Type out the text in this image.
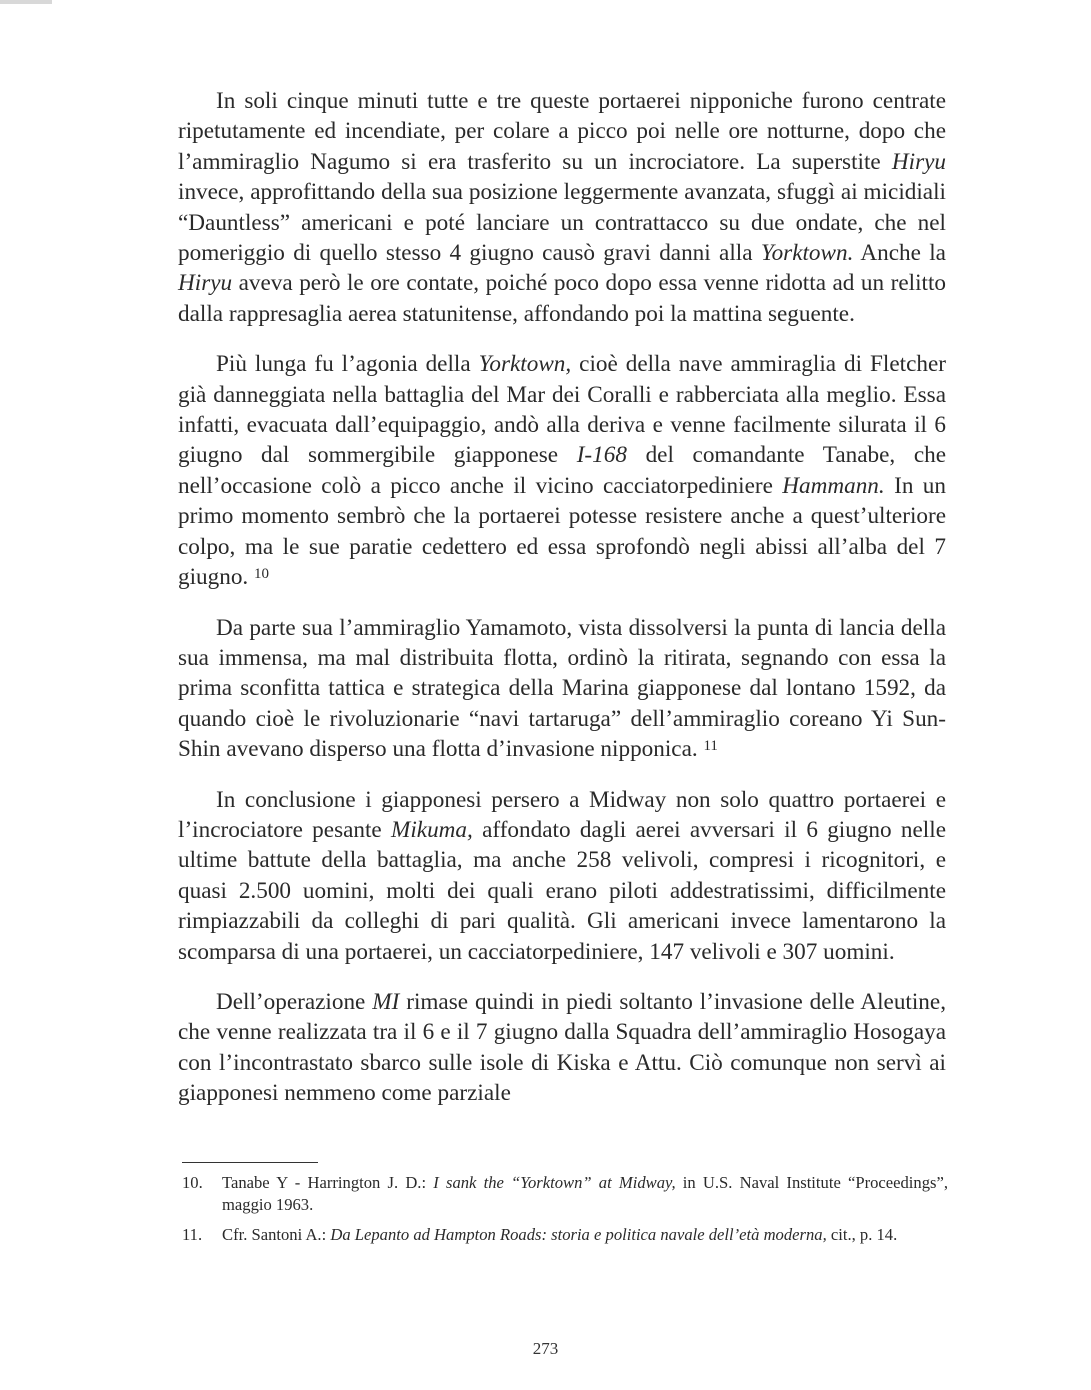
In soli cinque minuti tutte e tre queste portaerei nipponiche furono centrate ripetutamente ed incendiate, per colare a picco poi nelle ore notturne, dopo che l’ammiraglio Nagumo si era trasferito su un incrociatore. La superstite Hiryu invece, approfittando della sua posizione leggermente avanzata, sfuggì ai micidiali “Dauntless” americani e poté lanciare un contrattacco su due ondate, che nel pomeriggio di quello stesso 4 giugno causò gravi danni alla Yorktown. Anche la Hiryu aveva però le ore contate, poiché poco dopo essa venne ridotta ad un relitto dalla rappresaglia aerea statunitense, affondando poi la mattina seguente.

Più lunga fu l’agonia della Yorktown, cioè della nave ammiraglia di Fletcher già danneggiata nella battaglia del Mar dei Coralli e rabberciata alla meglio. Essa infatti, evacuata dall’equipaggio, andò alla deriva e venne facilmente silurata il 6 giugno dal sommergibile giapponese I-168 del comandante Tanabe, che nell’occasione colò a picco anche il vicino cacciatorpediniere Hammann. In un primo momento sembrò che la portaerei potesse resistere anche a quest’ulteriore colpo, ma le sue paratie cedettero ed essa sprofondò negli abissi all’alba del 7 giugno. $^{10}$

Da parte sua l’ammiraglio Yamamoto, vista dissolversi la punta di lancia della sua immensa, ma mal distribuita flotta, ordinò la ritirata, segnando con essa la prima sconfitta tattica e strategica della Marina giapponese dal lontano 1592, da quando cioè le rivoluzionarie “navi tartaruga” dell’ammiraglio coreano Yi Sun-Shin avevano disperso una flotta d’invasione nipponica. $^{11}$

In conclusione i giapponesi persero a Midway non solo quattro portaerei e l’incrociatore pesante Mikuma, affondato dagli aerei avversari il 6 giugno nelle ultime battute della battaglia, ma anche 258 velivoli, compresi i ricognitori, e quasi 2.500 uomini, molti dei quali erano piloti addestratissimi, difficilmente rimpiazzabili da colleghi di pari qualità. Gli americani invece lamentarono la scomparsa di una portaerei, un cacciatorpediniere, 147 velivoli e 307 uomini.

Dell’operazione MI rimase quindi in piedi soltanto l’invasione delle Aleutine, che venne realizzata tra il 6 e il 7 giugno dalla Squadra dell’ammiraglio Hosogaya con l’incontrastato sbarco sulle isole di Kiska e Attu. Ciò comunque non servì ai giapponesi nemmeno come parziale

10.	Tanabe Y - Harrington J. D.: I sank the “Yorktown” at Midway, in U.S. Naval Institute “Proceedings”, maggio 1963.
11.	Cfr. Santoni A.: Da Lepanto ad Hampton Roads: storia e politica navale dell’età moderna, cit., p. 14.
273
